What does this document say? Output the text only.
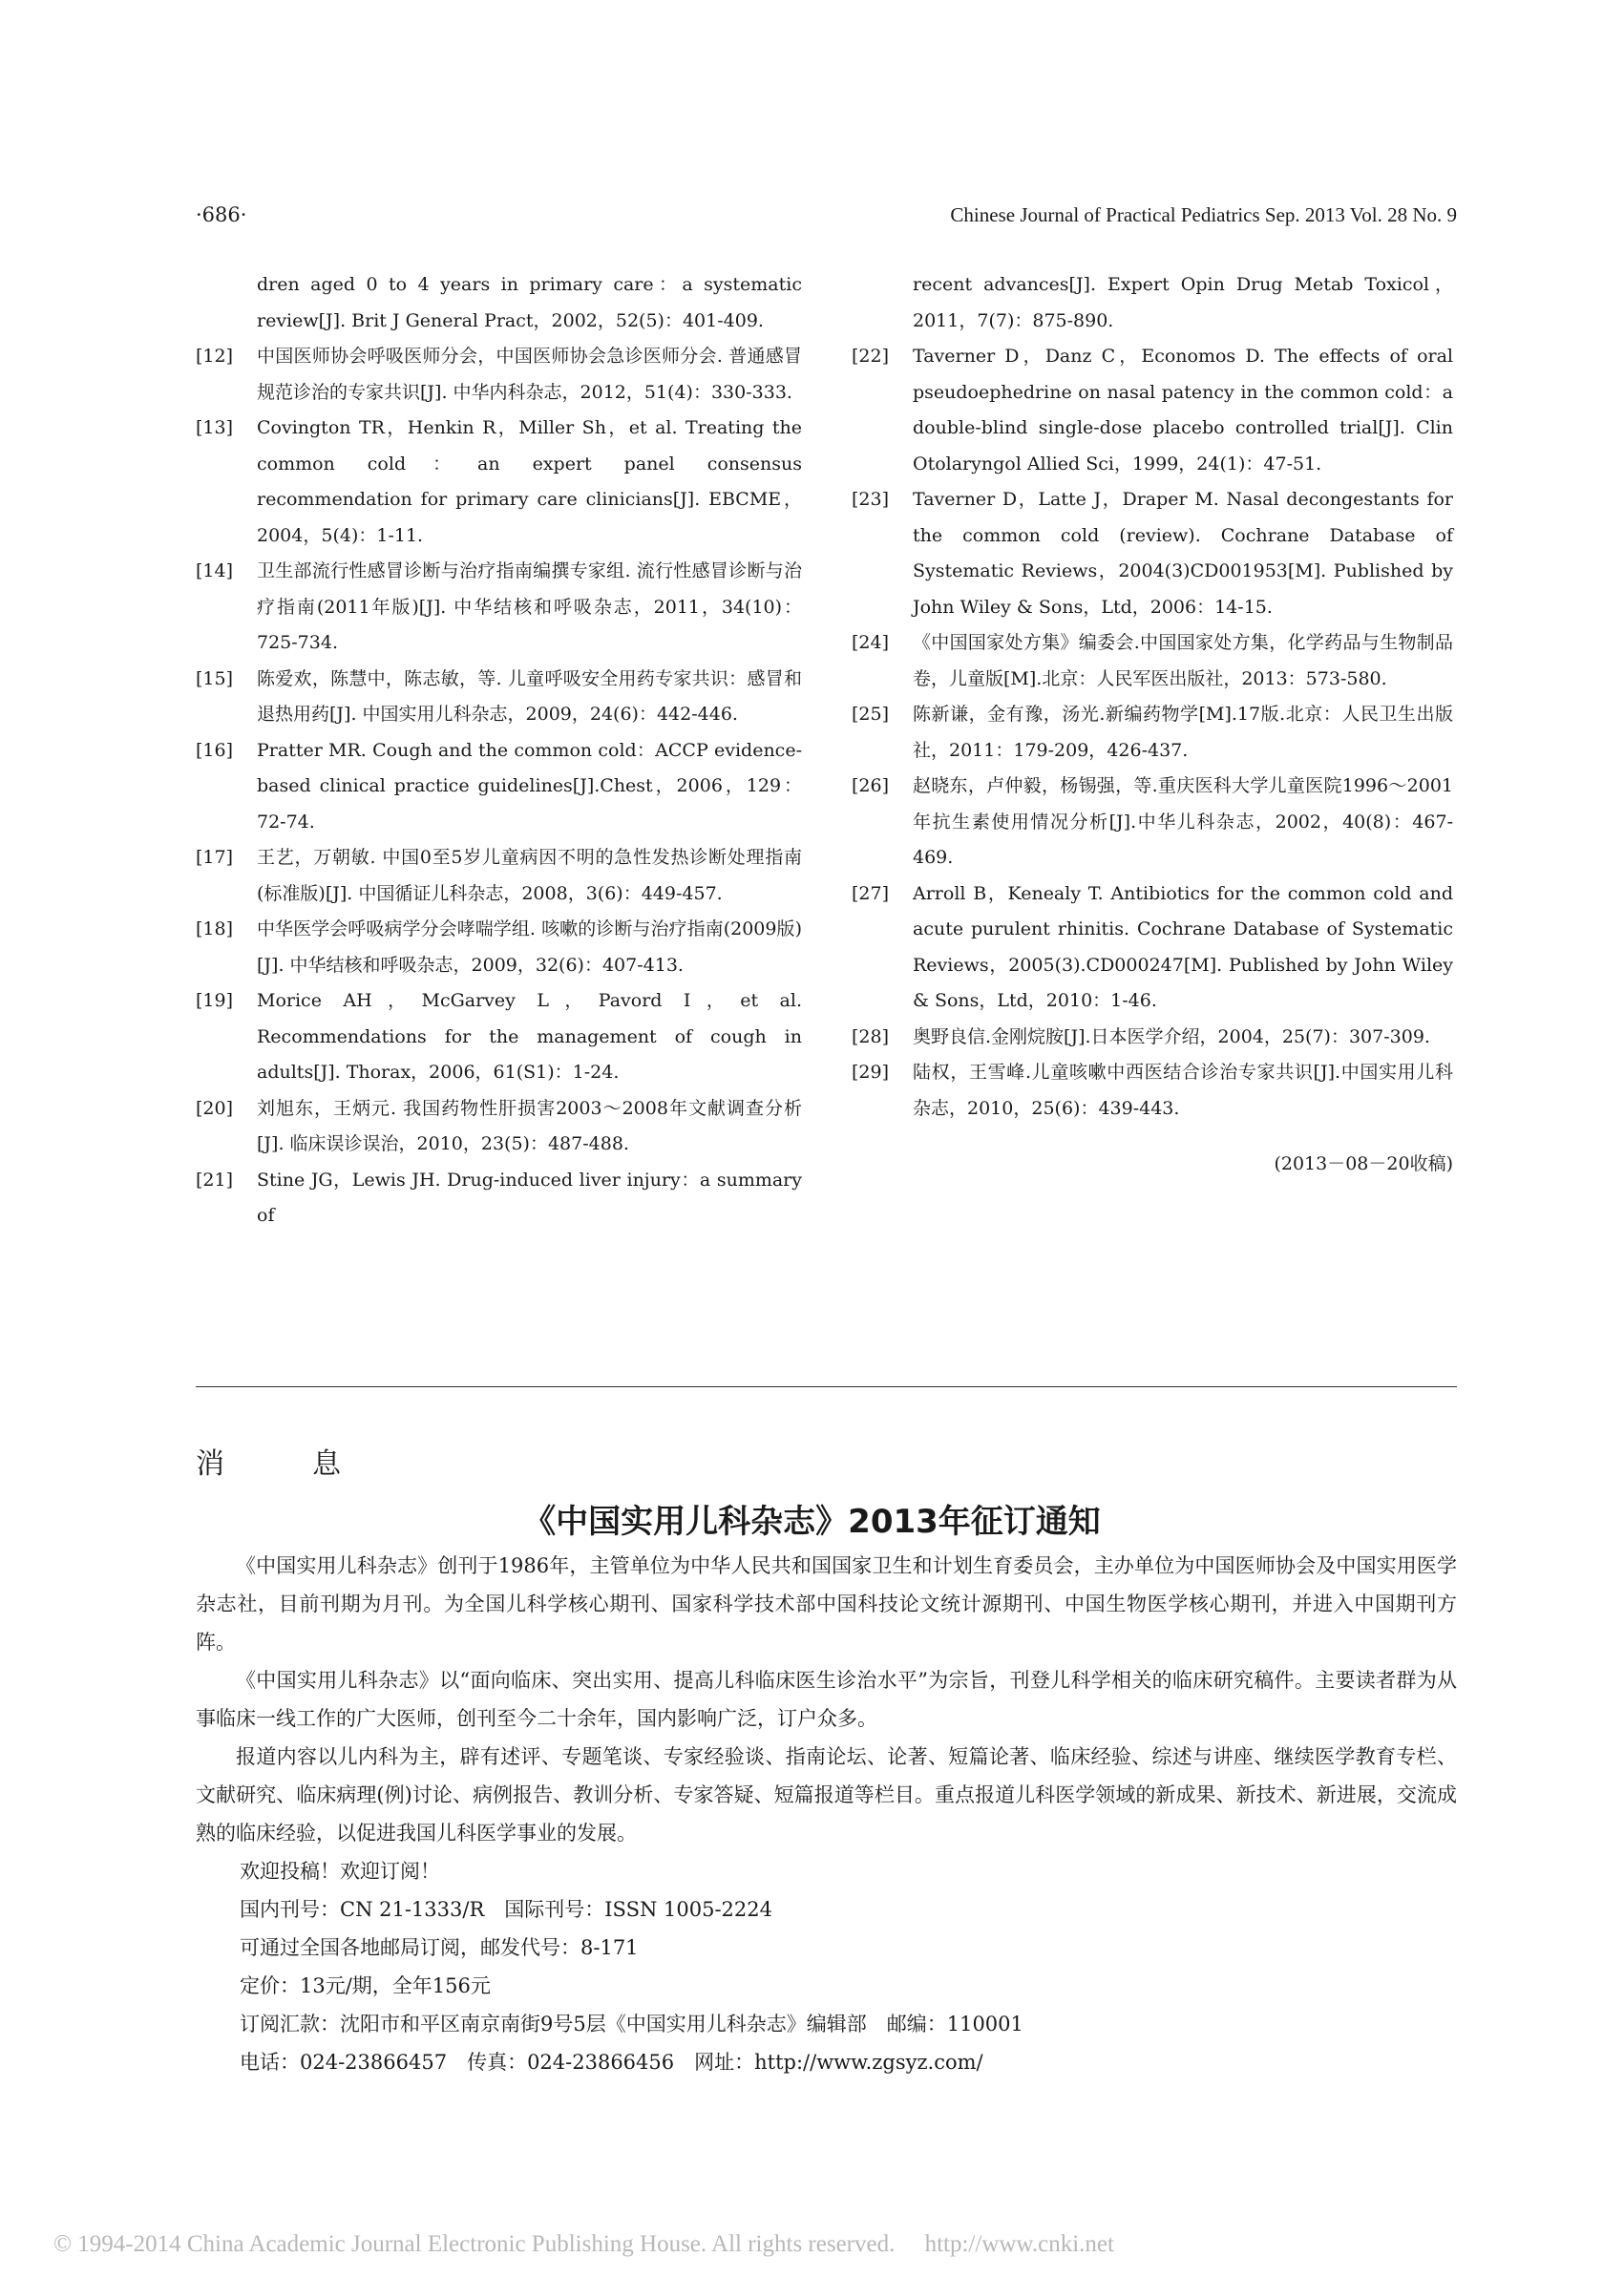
·686·	Chinese Journal of Practical Pediatrics Sep. 2013 Vol. 28 No. 9

dren aged 0 to 4 years in primary care：a systematic review[J]. Brit J General Pract，2002，52(5)：401-409.

[12] 中国医师协会呼吸医师分会，中国医师协会急诊医师分会. 普通感冒规范诊治的专家共识[J]. 中华内科杂志，2012，51(4)：330-333.

[13] Covington TR，Henkin R，Miller Sh，et al. Treating the common cold：an expert panel consensus recommendation for primary care clinicians[J]. EBCME，2004，5(4)：1-11.

[14] 卫生部流行性感冒诊断与治疗指南编撰专家组. 流行性感冒诊断与治疗指南(2011年版)[J]. 中华结核和呼吸杂志，2011，34(10)：725-734.

[15] 陈爱欢，陈慧中，陈志敏，等. 儿童呼吸安全用药专家共识：感冒和退热用药[J]. 中国实用儿科杂志，2009，24(6)：442-446.

[16] Pratter MR. Cough and the common cold：ACCP evidence-based clinical practice guidelines[J].Chest，2006，129：72-74.

[17] 王艺，万朝敏. 中国0至5岁儿童病因不明的急性发热诊断处理指南(标准版)[J]. 中国循证儿科杂志，2008，3(6)：449-457.

[18] 中华医学会呼吸病学分会哮喘学组. 咳嗽的诊断与治疗指南(2009版)[J]. 中华结核和呼吸杂志，2009，32(6)：407-413.

[19] Morice AH，McGarvey L，Pavord I，et al. Recommendations for the management of cough in adults[J]. Thorax，2006，61(S1)：1-24.

[20] 刘旭东，王炳元. 我国药物性肝损害2003～2008年文献调查分析[J]. 临床误诊误治，2010，23(5)：487-488.

[21] Stine JG，Lewis JH. Drug-induced liver injury：a summary of

recent advances[J]. Expert Opin Drug Metab Toxicol，2011，7(7)：875-890.

[22] Taverner D，Danz C，Economos D. The effects of oral pseudoephedrine on nasal patency in the common cold：a double-blind single-dose placebo controlled trial[J]. Clin Otolaryngol Allied Sci，1999，24(1)：47-51.

[23] Taverner D，Latte J，Draper M. Nasal decongestants for the common cold (review). Cochrane Database of Systematic Reviews，2004(3)CD001953[M]. Published by John Wiley & Sons，Ltd，2006：14-15.

[24] 《中国国家处方集》编委会.中国国家处方集，化学药品与生物制品卷，儿童版[M].北京：人民军医出版社，2013：573-580.

[25] 陈新谦，金有豫，汤光.新编药物学[M].17版.北京：人民卫生出版社，2011：179-209，426-437.

[26] 赵晓东，卢仲毅，杨锡强，等.重庆医科大学儿童医院1996～2001年抗生素使用情况分析[J].中华儿科杂志，2002，40(8)：467-469.

[27] Arroll B，Kenealy T. Antibiotics for the common cold and acute purulent rhinitis. Cochrane Database of Systematic Reviews，2005(3).CD000247[M]. Published by John Wiley & Sons，Ltd，2010：1-46.

[28] 奥野良信.金刚烷胺[J].日本医学介绍，2004，25(7)：307-309.

[29] 陆权，王雪峰.儿童咳嗽中西医结合诊治专家共识[J].中国实用儿科杂志，2010，25(6)：439-443.

(2013－08－20收稿)
消	息
《中国实用儿科杂志》2013年征订通知

《中国实用儿科杂志》创刊于1986年，主管单位为中华人民共和国国家卫生和计划生育委员会，主办单位为中国医师协会及中国实用医学杂志社，目前刊期为月刊。为全国儿科学核心期刊、国家科学技术部中国科技论文统计源期刊、中国生物医学核心期刊，并进入中国期刊方阵。

《中国实用儿科杂志》以“面向临床、突出实用、提高儿科临床医生诊治水平”为宗旨，刊登儿科学相关的临床研究稿件。主要读者群为从事临床一线工作的广大医师，创刊至今二十余年，国内影响广泛，订户众多。

报道内容以儿内科为主，辟有述评、专题笔谈、专家经验谈、指南论坛、论著、短篇论著、临床经验、综述与讲座、继续医学教育专栏、文献研究、临床病理(例)讨论、病例报告、教训分析、专家答疑、短篇报道等栏目。重点报道儿科医学领域的新成果、新技术、新进展，交流成熟的临床经验，以促进我国儿科医学事业的发展。

欢迎投稿！欢迎订阅！

国内刊号：CN 21-1333/R　国际刊号：ISSN 1005-2224

可通过全国各地邮局订阅，邮发代号：8-171

定价：13元/期，全年156元

订阅汇款：沈阳市和平区南京南街9号5层《中国实用儿科杂志》编辑部　邮编：110001

电话：024-23866457　传真：024-23866456　网址：http://www.zgsyz.com/

© 1994-2014 China Academic Journal Electronic Publishing House. All rights reserved.　 http://www.cnki.net
